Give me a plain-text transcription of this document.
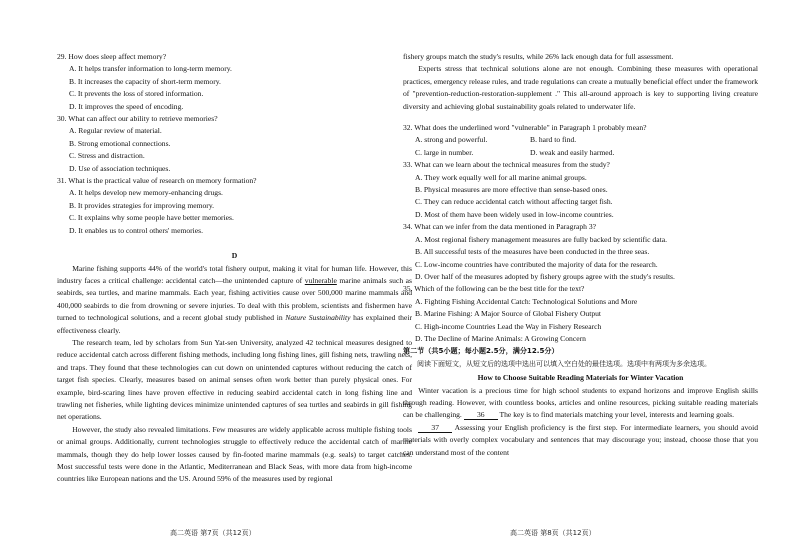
29. How does sleep affect memory?
A. It helps transfer information to long-term memory.
B. It increases the capacity of short-term memory.
C. It prevents the loss of stored information.
D. It improves the speed of encoding.
30. What can affect our ability to retrieve memories?
A. Regular review of material.
B. Strong emotional connections.
C. Stress and distraction.
D. Use of association techniques.
31. What is the practical value of research on memory formation?
A. It helps develop new memory-enhancing drugs.
B. It provides strategies for improving memory.
C. It explains why some people have better memories.
D. It enables us to control others' memories.

D

Marine fishing supports 44% of the world's total fishery output, making it vital for human life. However, this industry faces a critical challenge: accidental catch—the unintended capture of vulnerable marine animals such as seabirds, sea turtles, and marine mammals. Each year, fishing activities cause over 500,000 marine mammals and 400,000 seabirds to die from drowning or severe injuries. To deal with this problem, scientists and fishermen have turned to technological solutions, and a recent global study published in Nature Sustainability has explained their effectiveness clearly.

The research team, led by scholars from Sun Yat-sen University, analyzed 42 technical measures designed to reduce accidental catch across different fishing methods, including long fishing lines, gill fishing nets, trawling nets, and traps. They found that these technologies can cut down on unintended captures without reducing the catch of target fish species. Clearly, measures based on animal senses often work better than purely physical ones. For example, bird-scaring lines have proven effective in reducing seabird accidental catch in long fishing line and trawling net fisheries, while lighting devices minimize unintended captures of sea turtles and seabirds in gill fishing net operations.

However, the study also revealed limitations. Few measures are widely applicable across multiple fishing tools or animal groups. Additionally, current technologies struggle to effectively reduce the accidental catch of marine mammals, though they do help lower losses caused by fin-footed marine mammals (e.g. seals) to target catches. Most successful tests were done in the Atlantic, Mediterranean and Black Seas, with more data from high-income countries like European nations and the US. Around 59% of the measures used by regional

fishery groups match the study's results, while 26% lack enough data for full assessment.

Experts stress that technical solutions alone are not enough. Combining these measures with operational practices, emergency release rules, and trade regulations can create a mutually beneficial effect under the framework of "prevention-reduction-restoration-supplement ." This all-around approach is key to supporting living creature diversity and achieving global sustainability goals related to underwater life.

32. What does the underlined word "vulnerable" in Paragraph 1 probably mean?
A. strong and powerful.	B. hard to find.
C. large in number.	D. weak and easily harmed.
33. What can we learn about the technical measures from the study?
A. They work equally well for all marine animal groups.
B. Physical measures are more effective than sense-based ones.
C. They can reduce accidental catch without affecting target fish.
D. Most of them have been widely used in low-income countries.
34. What can we infer from the data mentioned in Paragraph 3?
A. Most regional fishery management measures are fully backed by scientific data.
B. All successful tests of the measures have been conducted in the three seas.
C. Low-income countries have contributed the majority of data for the research.
D. Over half of the measures adopted by fishery groups agree with the study's results.
35. Which of the following can be the best title for the text?
A. Fighting Fishing Accidental Catch: Technological Solutions and More
B. Marine Fishing: A Major Source of Global Fishery Output
C. High-income Countries Lead the Way in Fishery Research
D. The Decline of Marine Animals: A Growing Concern

第二节（共5小题；每小题2.5分，满分12.5分）

阅读下面短文，从短文后的选项中选出可以填入空白处的最佳选项。选项中有两项为多余选项。

How to Choose Suitable Reading Materials for Winter Vacation

Winter vacation is a precious time for high school students to expand horizons and improve English skills through reading. However, with countless books, articles and online resources, picking suitable reading materials can be challenging. 36 The key is to find materials matching your level, interests and learning goals.

37 Assessing your English proficiency is the first step. For intermediate learners, you should avoid materials with overly complex vocabulary and sentences that may discourage you; instead, choose those that you can understand most of the content

高二英语 第7页（共12页）	高二英语 第8页（共12页）
